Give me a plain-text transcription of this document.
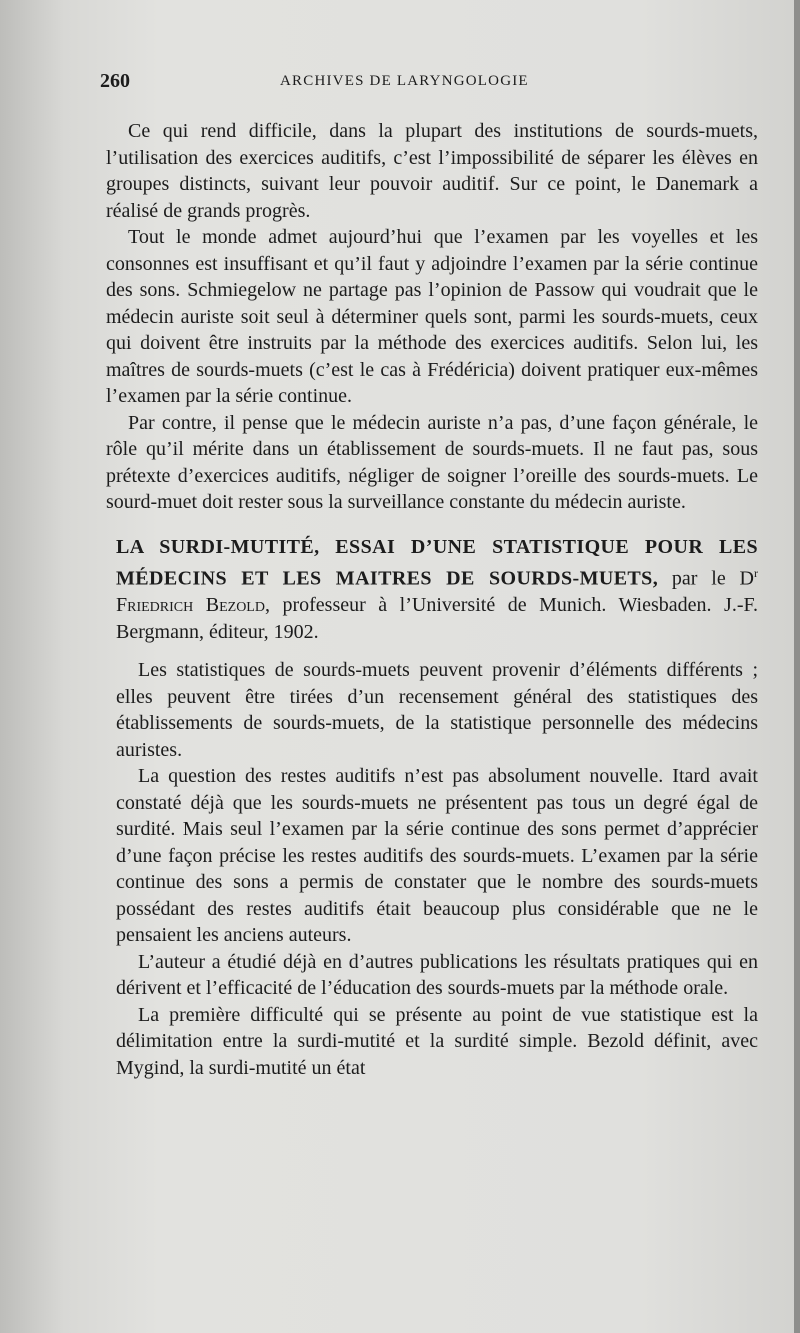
260	ARCHIVES DE LARYNGOLOGIE

Ce qui rend difficile, dans la plupart des institutions de sourds-muets, l’utilisation des exercices auditifs, c’est l’impossibilité de séparer les élèves en groupes distincts, suivant leur pouvoir auditif. Sur ce point, le Danemark a réalisé de grands progrès.

Tout le monde admet aujourd’hui que l’examen par les voyelles et les consonnes est insuffisant et qu’il faut y adjoindre l’examen par la série continue des sons. Schmiegelow ne partage pas l’opinion de Passow qui voudrait que le médecin auriste soit seul à déterminer quels sont, parmi les sourds-muets, ceux qui doivent être instruits par la méthode des exercices auditifs. Selon lui, les maîtres de sourds-muets (c’est le cas à Frédéricia) doivent pratiquer eux-mêmes l’examen par la série continue.

Par contre, il pense que le médecin auriste n’a pas, d’une façon générale, le rôle qu’il mérite dans un établissement de sourds-muets. Il ne faut pas, sous prétexte d’exercices auditifs, négliger de soigner l’oreille des sourds-muets. Le sourd-muet doit rester sous la surveillance constante du médecin auriste.

LA SURDI-MUTITÉ, ESSAI D’UNE STATISTIQUE POUR LES MÉDECINS ET LES MAITRES DE SOURDS-MUETS, par le $D^r$ Friedrich Bezold, professeur à l’Université de Munich. Wiesbaden. J.-F. Bergmann, éditeur, 1902.

Les statistiques de sourds-muets peuvent provenir d’éléments différents ; elles peuvent être tirées d’un recensement général des statistiques des établissements de sourds-muets, de la statistique personnelle des médecins auristes.

La question des restes auditifs n’est pas absolument nouvelle. Itard avait constaté déjà que les sourds-muets ne présentent pas tous un degré égal de surdité. Mais seul l’examen par la série continue des sons permet d’apprécier d’une façon précise les restes auditifs des sourds-muets. L’examen par la série continue des sons a permis de constater que le nombre des sourds-muets possédant des restes auditifs était beaucoup plus considérable que ne le pensaient les anciens auteurs.

L’auteur a étudié déjà en d’autres publications les résultats pratiques qui en dérivent et l’efficacité de l’éducation des sourds-muets par la méthode orale.

La première difficulté qui se présente au point de vue statistique est la délimitation entre la surdi-mutité et la surdité simple. Bezold définit, avec Mygind, la surdi-mutité un état
